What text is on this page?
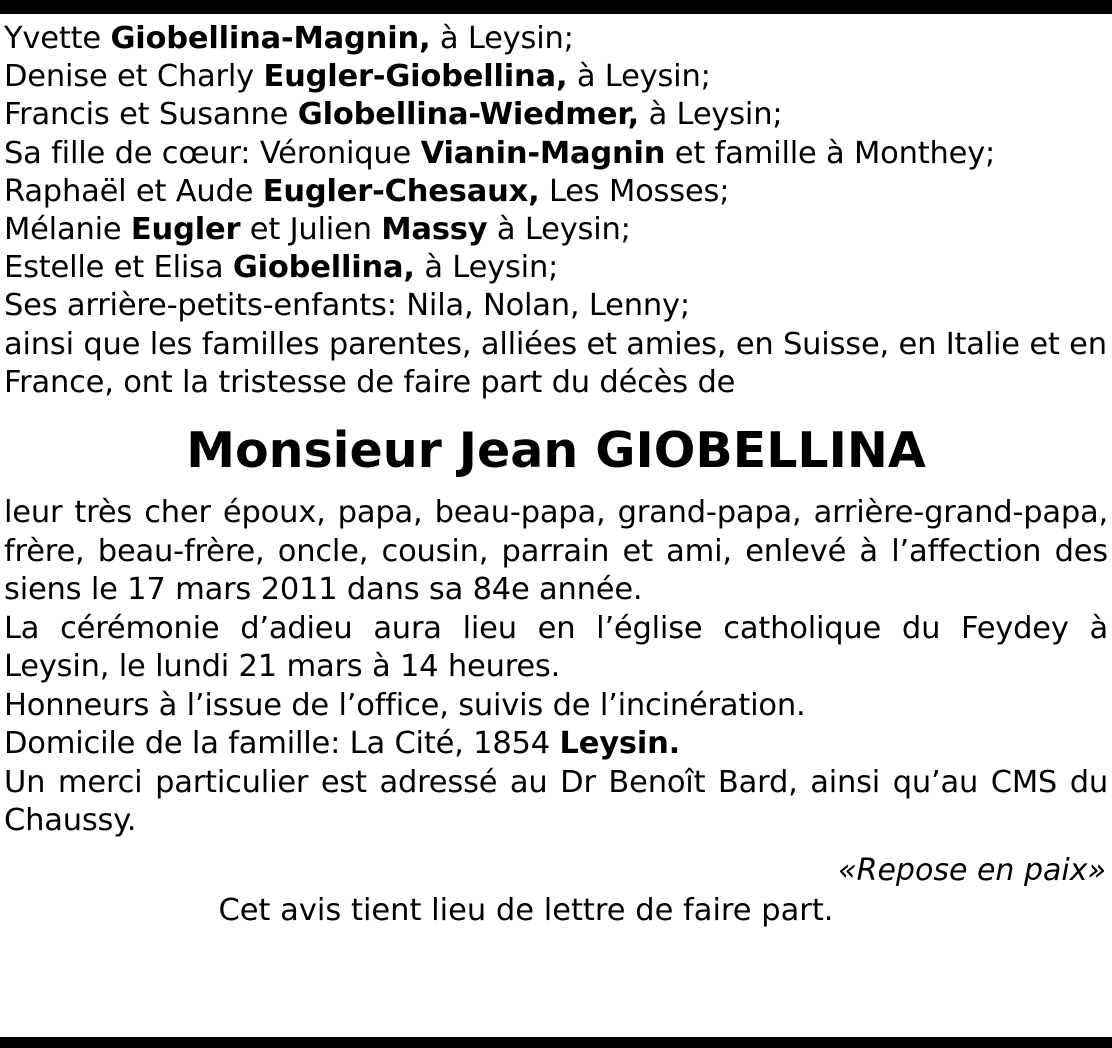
Yvette Giobellina-Magnin, à Leysin;
Denise et Charly Eugler-Giobellina, à Leysin;
Francis et Susanne Globellina-Wiedmer, à Leysin;
Sa fille de cœur: Véronique Vianin-Magnin et famille à Monthey;
Raphaël et Aude Eugler-Chesaux, Les Mosses;
Mélanie Eugler et Julien Massy à Leysin;
Estelle et Elisa Giobellina, à Leysin;
Ses arrière-petits-enfants: Nila, Nolan, Lenny;
ainsi que les familles parentes, alliées et amies, en Suisse, en Italie et en France, ont la tristesse de faire part du décès de
Monsieur Jean GIOBELLINA
leur très cher époux, papa, beau-papa, grand-papa, arrière-grand-papa, frère, beau-frère, oncle, cousin, parrain et ami, enlevé à l’affection des siens le 17 mars 2011 dans sa 84e année.
La cérémonie d’adieu aura lieu en l’église catholique du Feydey à Leysin, le lundi 21 mars à 14 heures.
Honneurs à l’issue de l’office, suivis de l’incinération.
Domicile de la famille: La Cité, 1854 Leysin.
Un merci particulier est adressé au Dr Benoît Bard, ainsi qu’au CMS du Chaussy.
«Repose en paix»
Cet avis tient lieu de lettre de faire part.
